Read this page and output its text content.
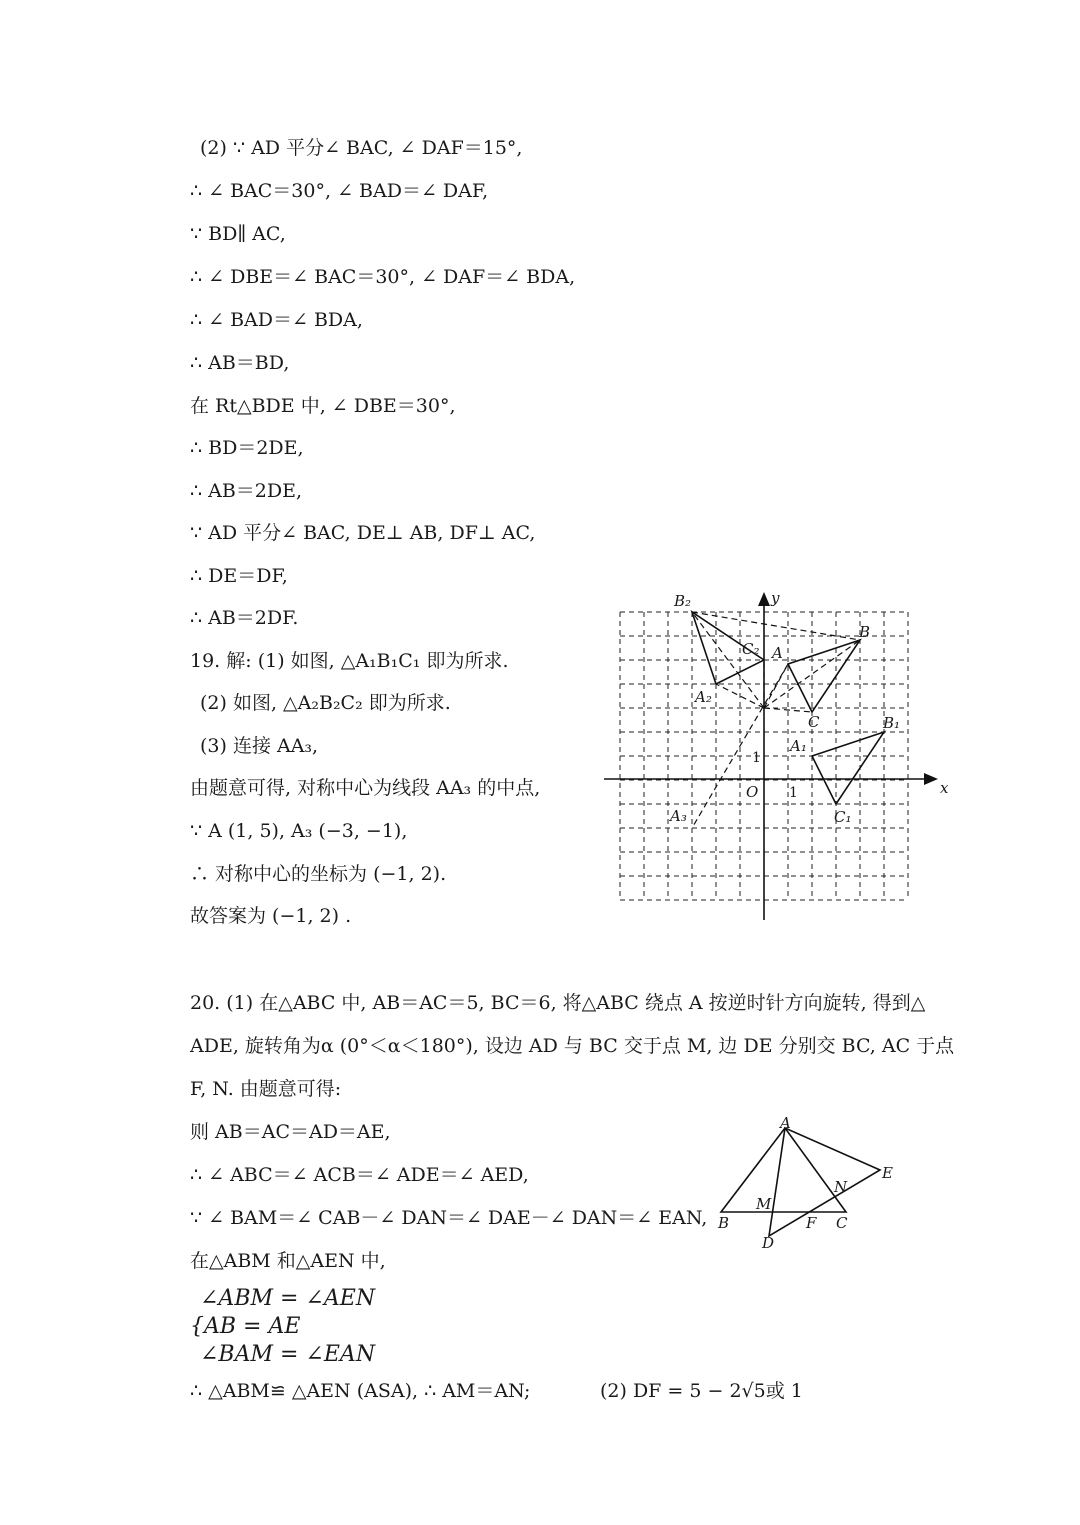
(2) ∵ AD 平分∠ BAC, ∠ DAF＝15°,
∴ ∠ BAC＝30°, ∠ BAD＝∠ DAF,
∵ BD∥ AC,
∴ ∠ DBE＝∠ BAC＝30°, ∠ DAF＝∠ BDA,
∴ ∠ BAD＝∠ BDA,
∴ AB＝BD,
在 Rt△BDE 中, ∠ DBE＝30°,
∴ BD＝2DE,
∴ AB＝2DE,
∵ AD 平分∠ BAC, DE⊥ AB, DF⊥ AC,
∴ DE＝DF,
∴ AB＝2DF.
19. 解: (1) 如图, △A₁B₁C₁ 即为所求.
(2) 如图, △A₂B₂C₂ 即为所求.
(3) 连接 AA₃,
由题意可得, 对称中心为线段 AA₃ 的中点,
∵ A (1, 5), A₃ (−3, −1),
∴ 对称中心的坐标为 (−1, 2).
故答案为 (−1, 2) .
y
x
O 1
1
B₂
C₂
A₂
A
B
C	B₁
A₁
C₁
A₃
20. (1) 在△ABC 中, AB＝AC＝5, BC＝6, 将△ABC 绕点 A 按逆时针方向旋转, 得到△
ADE, 旋转角为α (0°＜α＜180°), 设边 AD 与 BC 交于点 M, 边 DE 分别交 BC, AC 于点
F, N. 由题意可得:
则 AB＝AC＝AD＝AE,
∴ ∠ ABC＝∠ ACB＝∠ ADE＝∠ AED,
∵ ∠ BAM＝∠ CAB－∠ DAN＝∠ DAE－∠ DAN＝∠ EAN,
在△ABM 和△AEN 中,
∠ABM = ∠AEN
{AB = AE
∠BAM = ∠EAN
∴ △ABM≌ △AEN (ASA), ∴ AM＝AN;	(2) DF = 5 − 2√5或 1
A
B	C
D
E
M
N
F
